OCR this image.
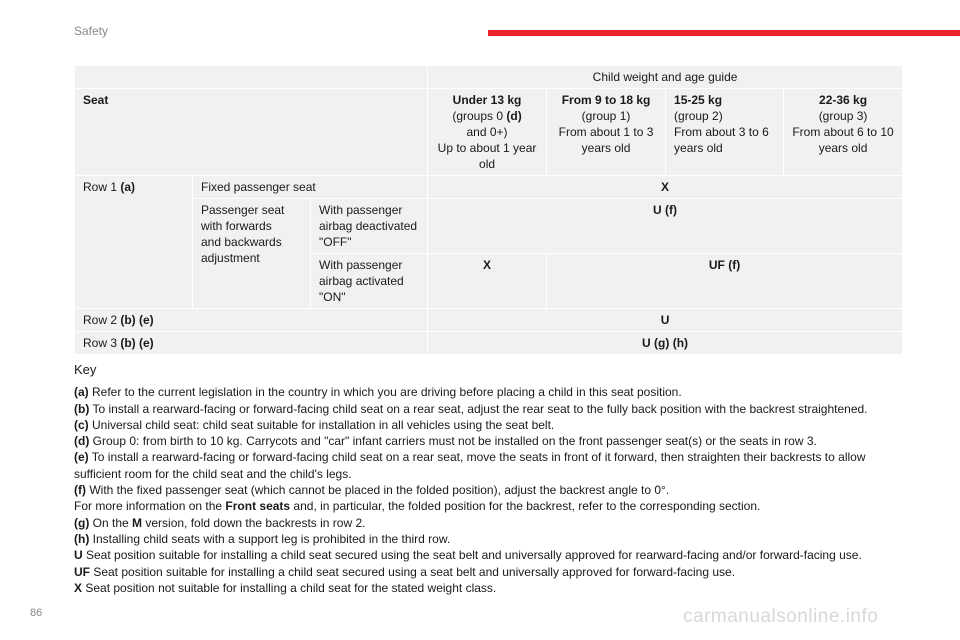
Safety
			Child weight and age guide			
Seat			Under 13 kg
(groups 0 (d)
and 0+)
Up to about 1 year
old	From 9 to 18 kg
(group 1)
From about 1 to 3
years old	15-25 kg
(group 2)
From about 3 to 6
years old	22-36 kg
(group 3)
From about 6 to 10
years old
Row 1 (a)	Fixed passenger seat		X			
	Passenger seat
with forwards
and backwards
adjustment	With passenger
airbag deactivated
"OFF"	U (f)			
		With passenger
airbag activated
"ON"	X	UF (f)		
Row 2 (b) (e)			U			
Row 3 (b) (e)			U (g) (h)			
Key

(a) Refer to the current legislation in the country in which you are driving before placing a child in this seat position.

(b) To install a rearward-facing or forward-facing child seat on a rear seat, adjust the rear seat to the fully back position with the backrest straightened.

(c) Universal child seat: child seat suitable for installation in all vehicles using the seat belt.

(d) Group 0: from birth to 10 kg. Carrycots and "car" infant carriers must not be installed on the front passenger seat(s) or the seats in row 3.

(e) To install a rearward-facing or forward-facing child seat on a rear seat, move the seats in front of it forward, then straighten their backrests to allow sufficient room for the child seat and the child's legs.

(f) With the fixed passenger seat (which cannot be placed in the folded position), adjust the backrest angle to 0°.

For more information on the Front seats and, in particular, the folded position for the backrest, refer to the corresponding section.

(g) On the M version, fold down the backrests in row 2.

(h) Installing child seats with a support leg is prohibited in the third row.

U Seat position suitable for installing a child seat secured using the seat belt and universally approved for rearward-facing and/or forward-facing use.

UF Seat position suitable for installing a child seat secured using a seat belt and universally approved for forward-facing use.

X Seat position not suitable for installing a child seat for the stated weight class.

86	carmanualsonline.info
